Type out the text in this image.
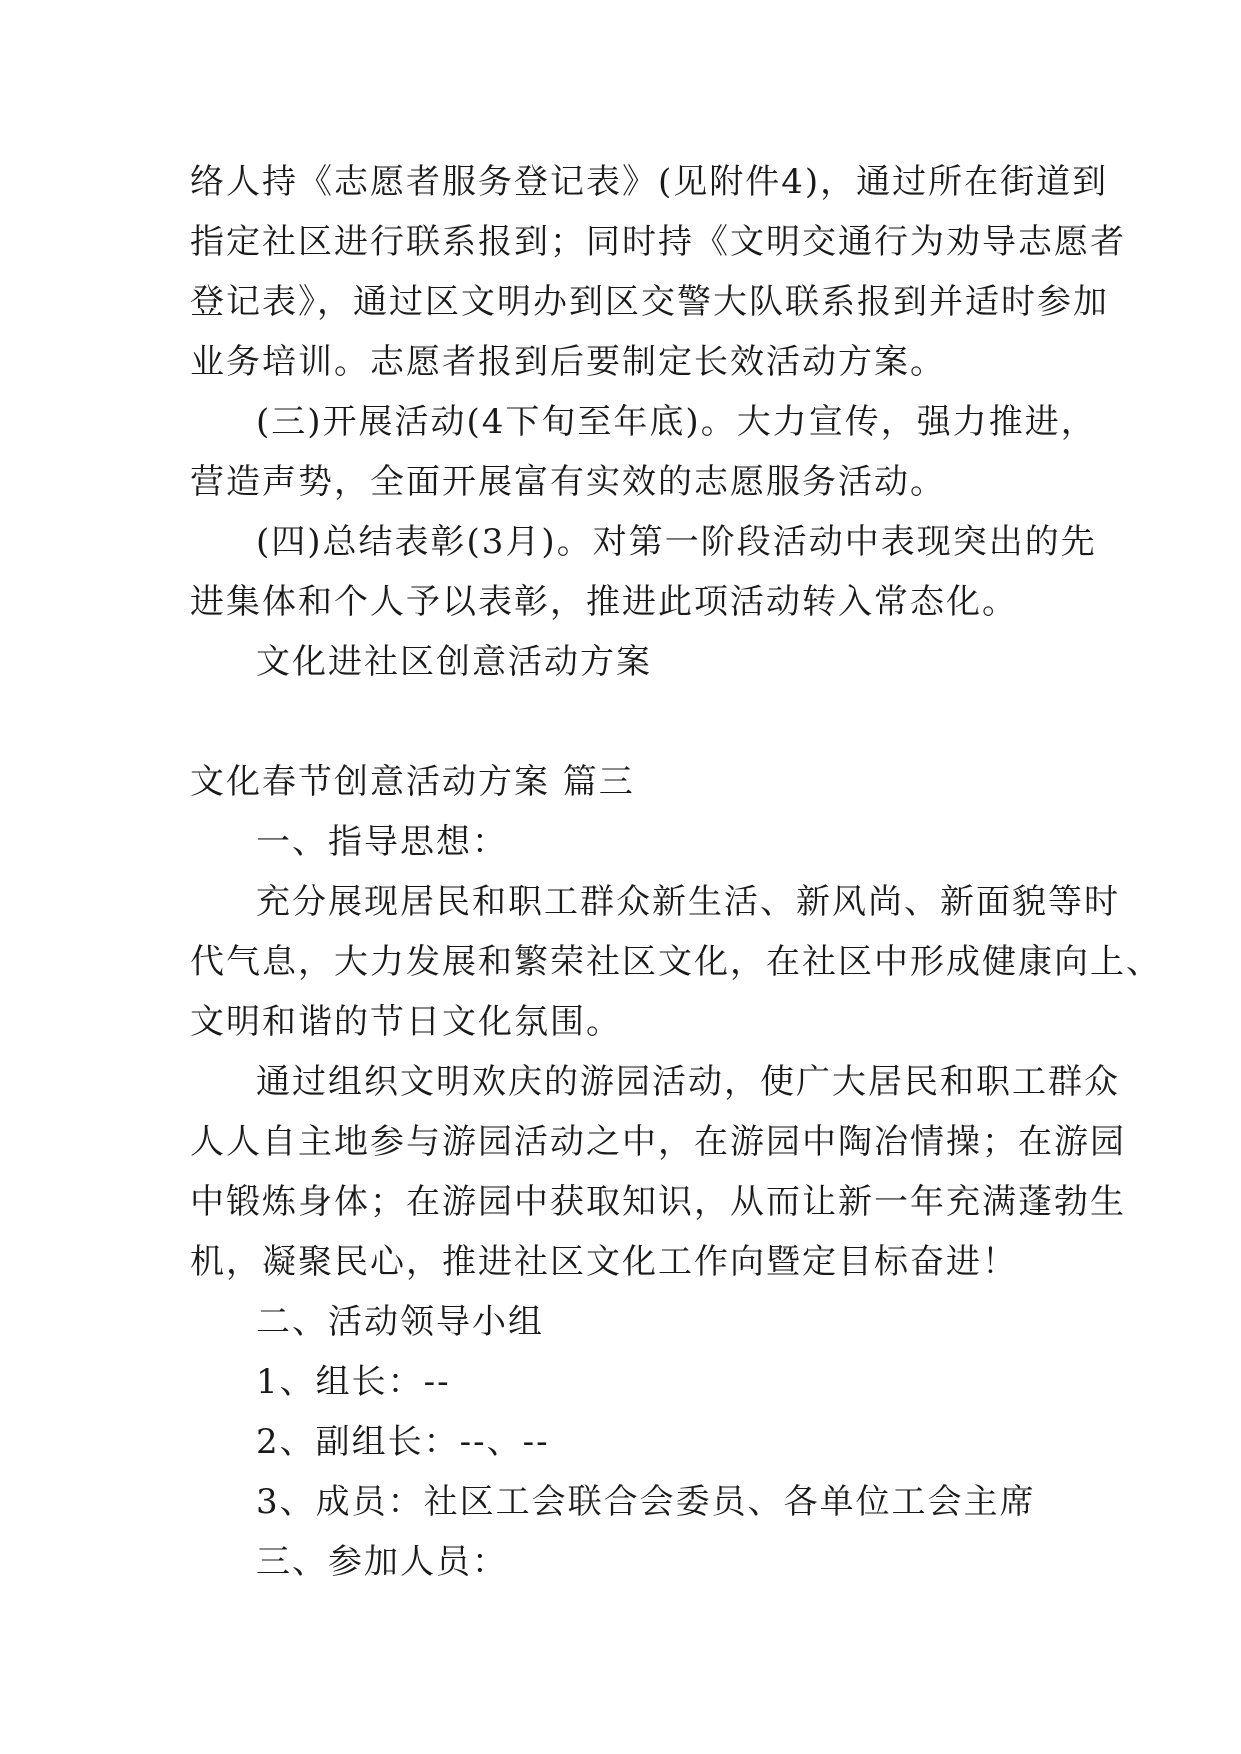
络人持《志愿者服务登记表》(见附件4)，通过所在街道到
指定社区进行联系报到；同时持《文明交通行为劝导志愿者
登记表》，通过区文明办到区交警大队联系报到并适时参加
业务培训。志愿者报到后要制定长效活动方案。
(三)开展活动(4下旬至年底)。大力宣传，强力推进，
营造声势，全面开展富有实效的志愿服务活动。
(四)总结表彰(3月)。对第一阶段活动中表现突出的先
进集体和个人予以表彰，推进此项活动转入常态化。
文化进社区创意活动方案
文化春节创意活动方案 篇三
一、指导思想：
充分展现居民和职工群众新生活、新风尚、新面貌等时
代气息，大力发展和繁荣社区文化，在社区中形成健康向上、
文明和谐的节日文化氛围。
通过组织文明欢庆的游园活动，使广大居民和职工群众
人人自主地参与游园活动之中，在游园中陶冶情操；在游园
中锻炼身体；在游园中获取知识，从而让新一年充满蓬勃生
机，凝聚民心，推进社区文化工作向暨定目标奋进！
二、活动领导小组
1、组长：--
2、副组长：--、--
3、成员：社区工会联合会委员、各单位工会主席
三、参加人员：
